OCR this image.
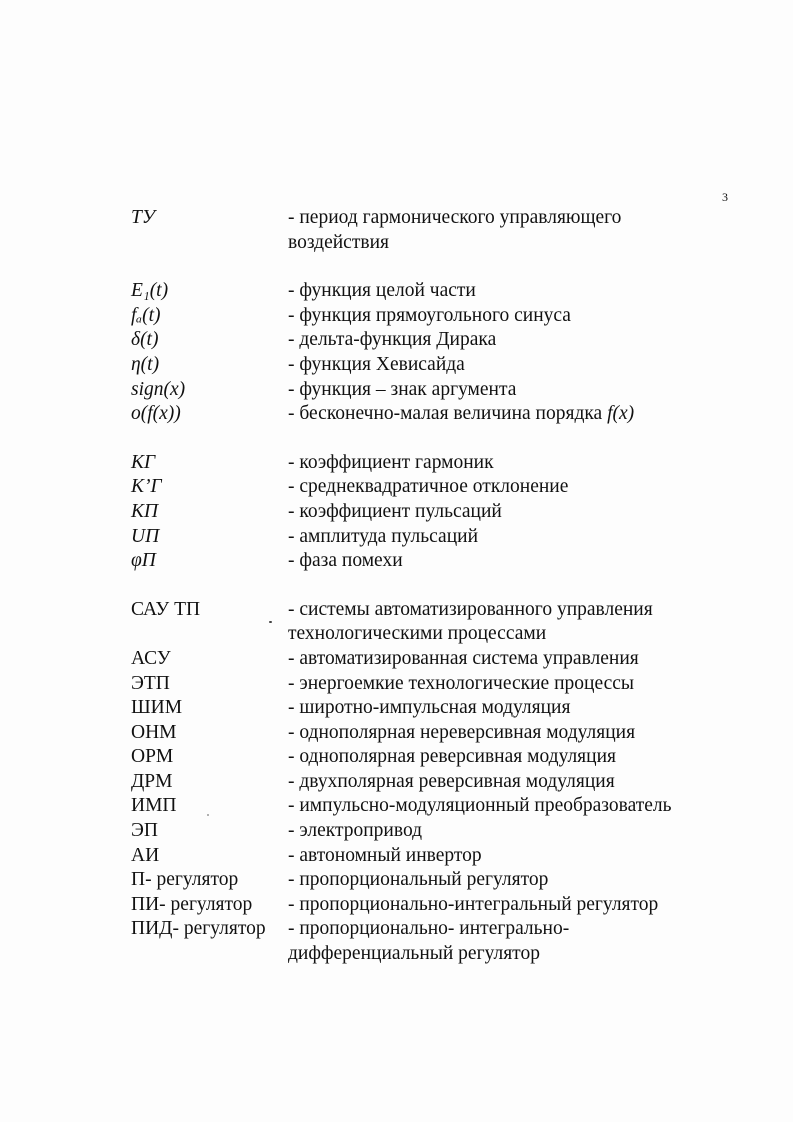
3
TУ	- период гармонического управляющего
воздействия
E₁(t)	- функция целой части
fₐ(t)	- функция прямоугольного синуса
δ(t)	- дельта-функция Дирака
η(t)	- функция Хевисайда
sign(x)	- функция – знак аргумента
o(f(x))	- бесконечно-малая величина порядка f(x)
KГ	- коэффициент гармоник
K’Г	- среднеквадратичное отклонение
KП	- коэффициент пульсаций
UП	- амплитуда пульсаций
φП	- фаза помехи
САУ ТП	- системы автоматизированного управления
технологическими процессами
АСУ	- автоматизированная система управления
ЭТП	- энергоемкие технологические процессы
ШИМ	- широтно-импульсная модуляция
ОНМ	- однополярная нереверсивная модуляция
ОРМ	- однополярная реверсивная модуляция
ДРМ	- двухполярная реверсивная модуляция
ИМП	- импульсно-модуляционный преобразователь
ЭП	- электропривод
АИ	- автономный инвертор
П- регулятор	- пропорциональный регулятор
ПИ- регулятор	- пропорционально-интегральный регулятор
ПИД- регулятор	- пропорционально- интегрально-
дифференциальный регулятор
